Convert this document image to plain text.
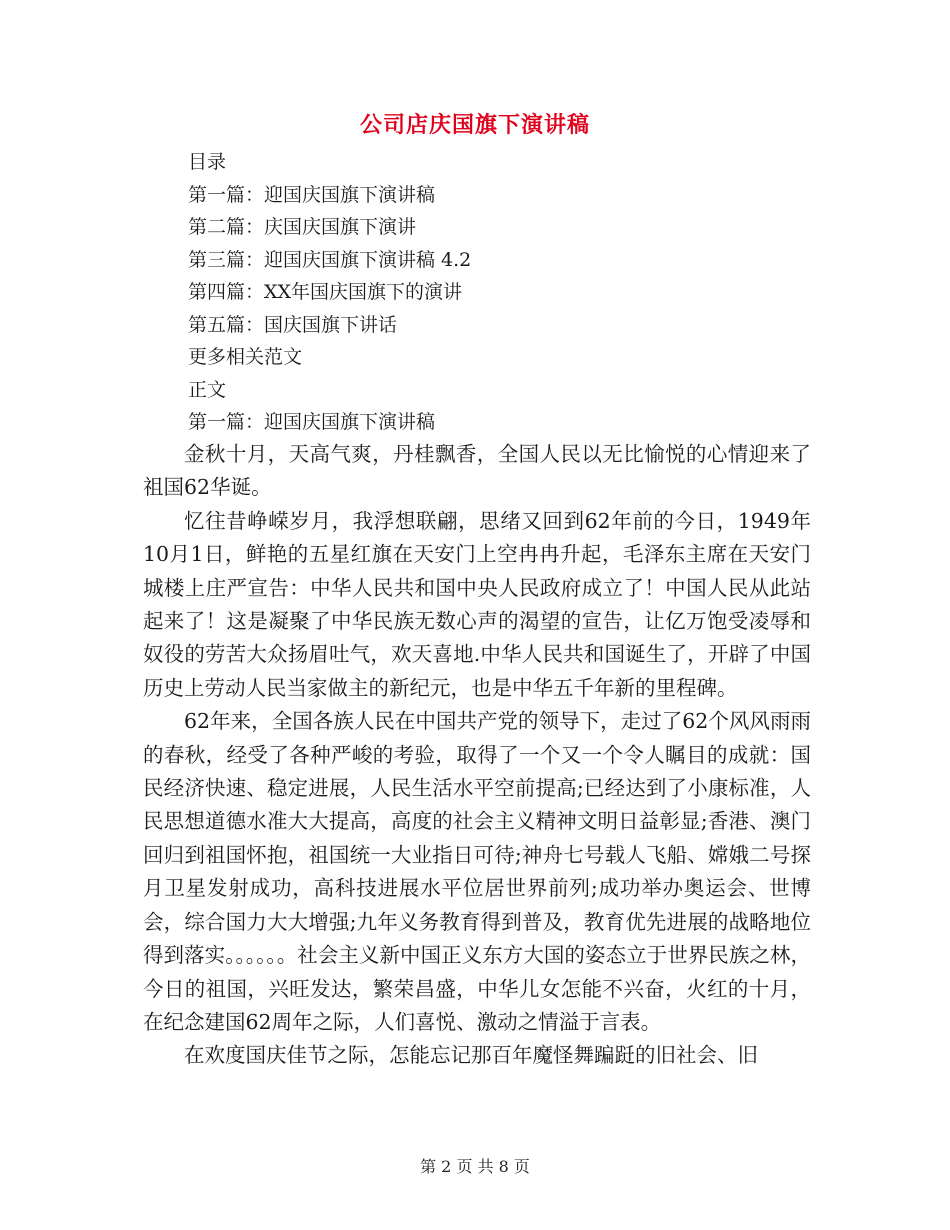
公司店庆国旗下演讲稿
目录
第一篇：迎国庆国旗下演讲稿
第二篇：庆国庆国旗下演讲
第三篇：迎国庆国旗下演讲稿 4.2
第四篇：XX年国庆国旗下的演讲
第五篇：国庆国旗下讲话
更多相关范文
正文
第一篇：迎国庆国旗下演讲稿

金秋十月，天高气爽，丹桂飘香，全国人民以无比愉悦的心情迎来了祖国62华诞。

忆往昔峥嵘岁月，我浮想联翩，思绪又回到62年前的今日，1949年10月1日，鲜艳的五星红旗在天安门上空冉冉升起，毛泽东主席在天安门城楼上庄严宣告：中华人民共和国中央人民政府成立了！中国人民从此站起来了！这是凝聚了中华民族无数心声的渴望的宣告，让亿万饱受凌辱和奴役的劳苦大众扬眉吐气，欢天喜地.中华人民共和国诞生了，开辟了中国历史上劳动人民当家做主的新纪元，也是中华五千年新的里程碑。

62年来，全国各族人民在中国共产党的领导下，走过了62个风风雨雨的春秋，经受了各种严峻的考验，取得了一个又一个令人瞩目的成就：国民经济快速、稳定进展，人民生活水平空前提高;已经达到了小康标准，人民思想道德水准大大提高，高度的社会主义精神文明日益彰显;香港、澳门回归到祖国怀抱，祖国统一大业指日可待;神舟七号载人飞船、嫦娥二号探月卫星发射成功，高科技进展水平位居世界前列;成功举办奥运会、世博会，综合国力大大增强;九年义务教育得到普及，教育优先进展的战略地位得到落实。。。。。。社会主义新中国正义东方大国的姿态立于世界民族之林，今日的祖国，兴旺发达，繁荣昌盛，中华儿女怎能不兴奋，火红的十月，在纪念建国62周年之际，人们喜悦、激动之情溢于言表。

在欢度国庆佳节之际，怎能忘记那百年魔怪舞蹁跹的旧社会、旧

第 2 页 共 8 页
